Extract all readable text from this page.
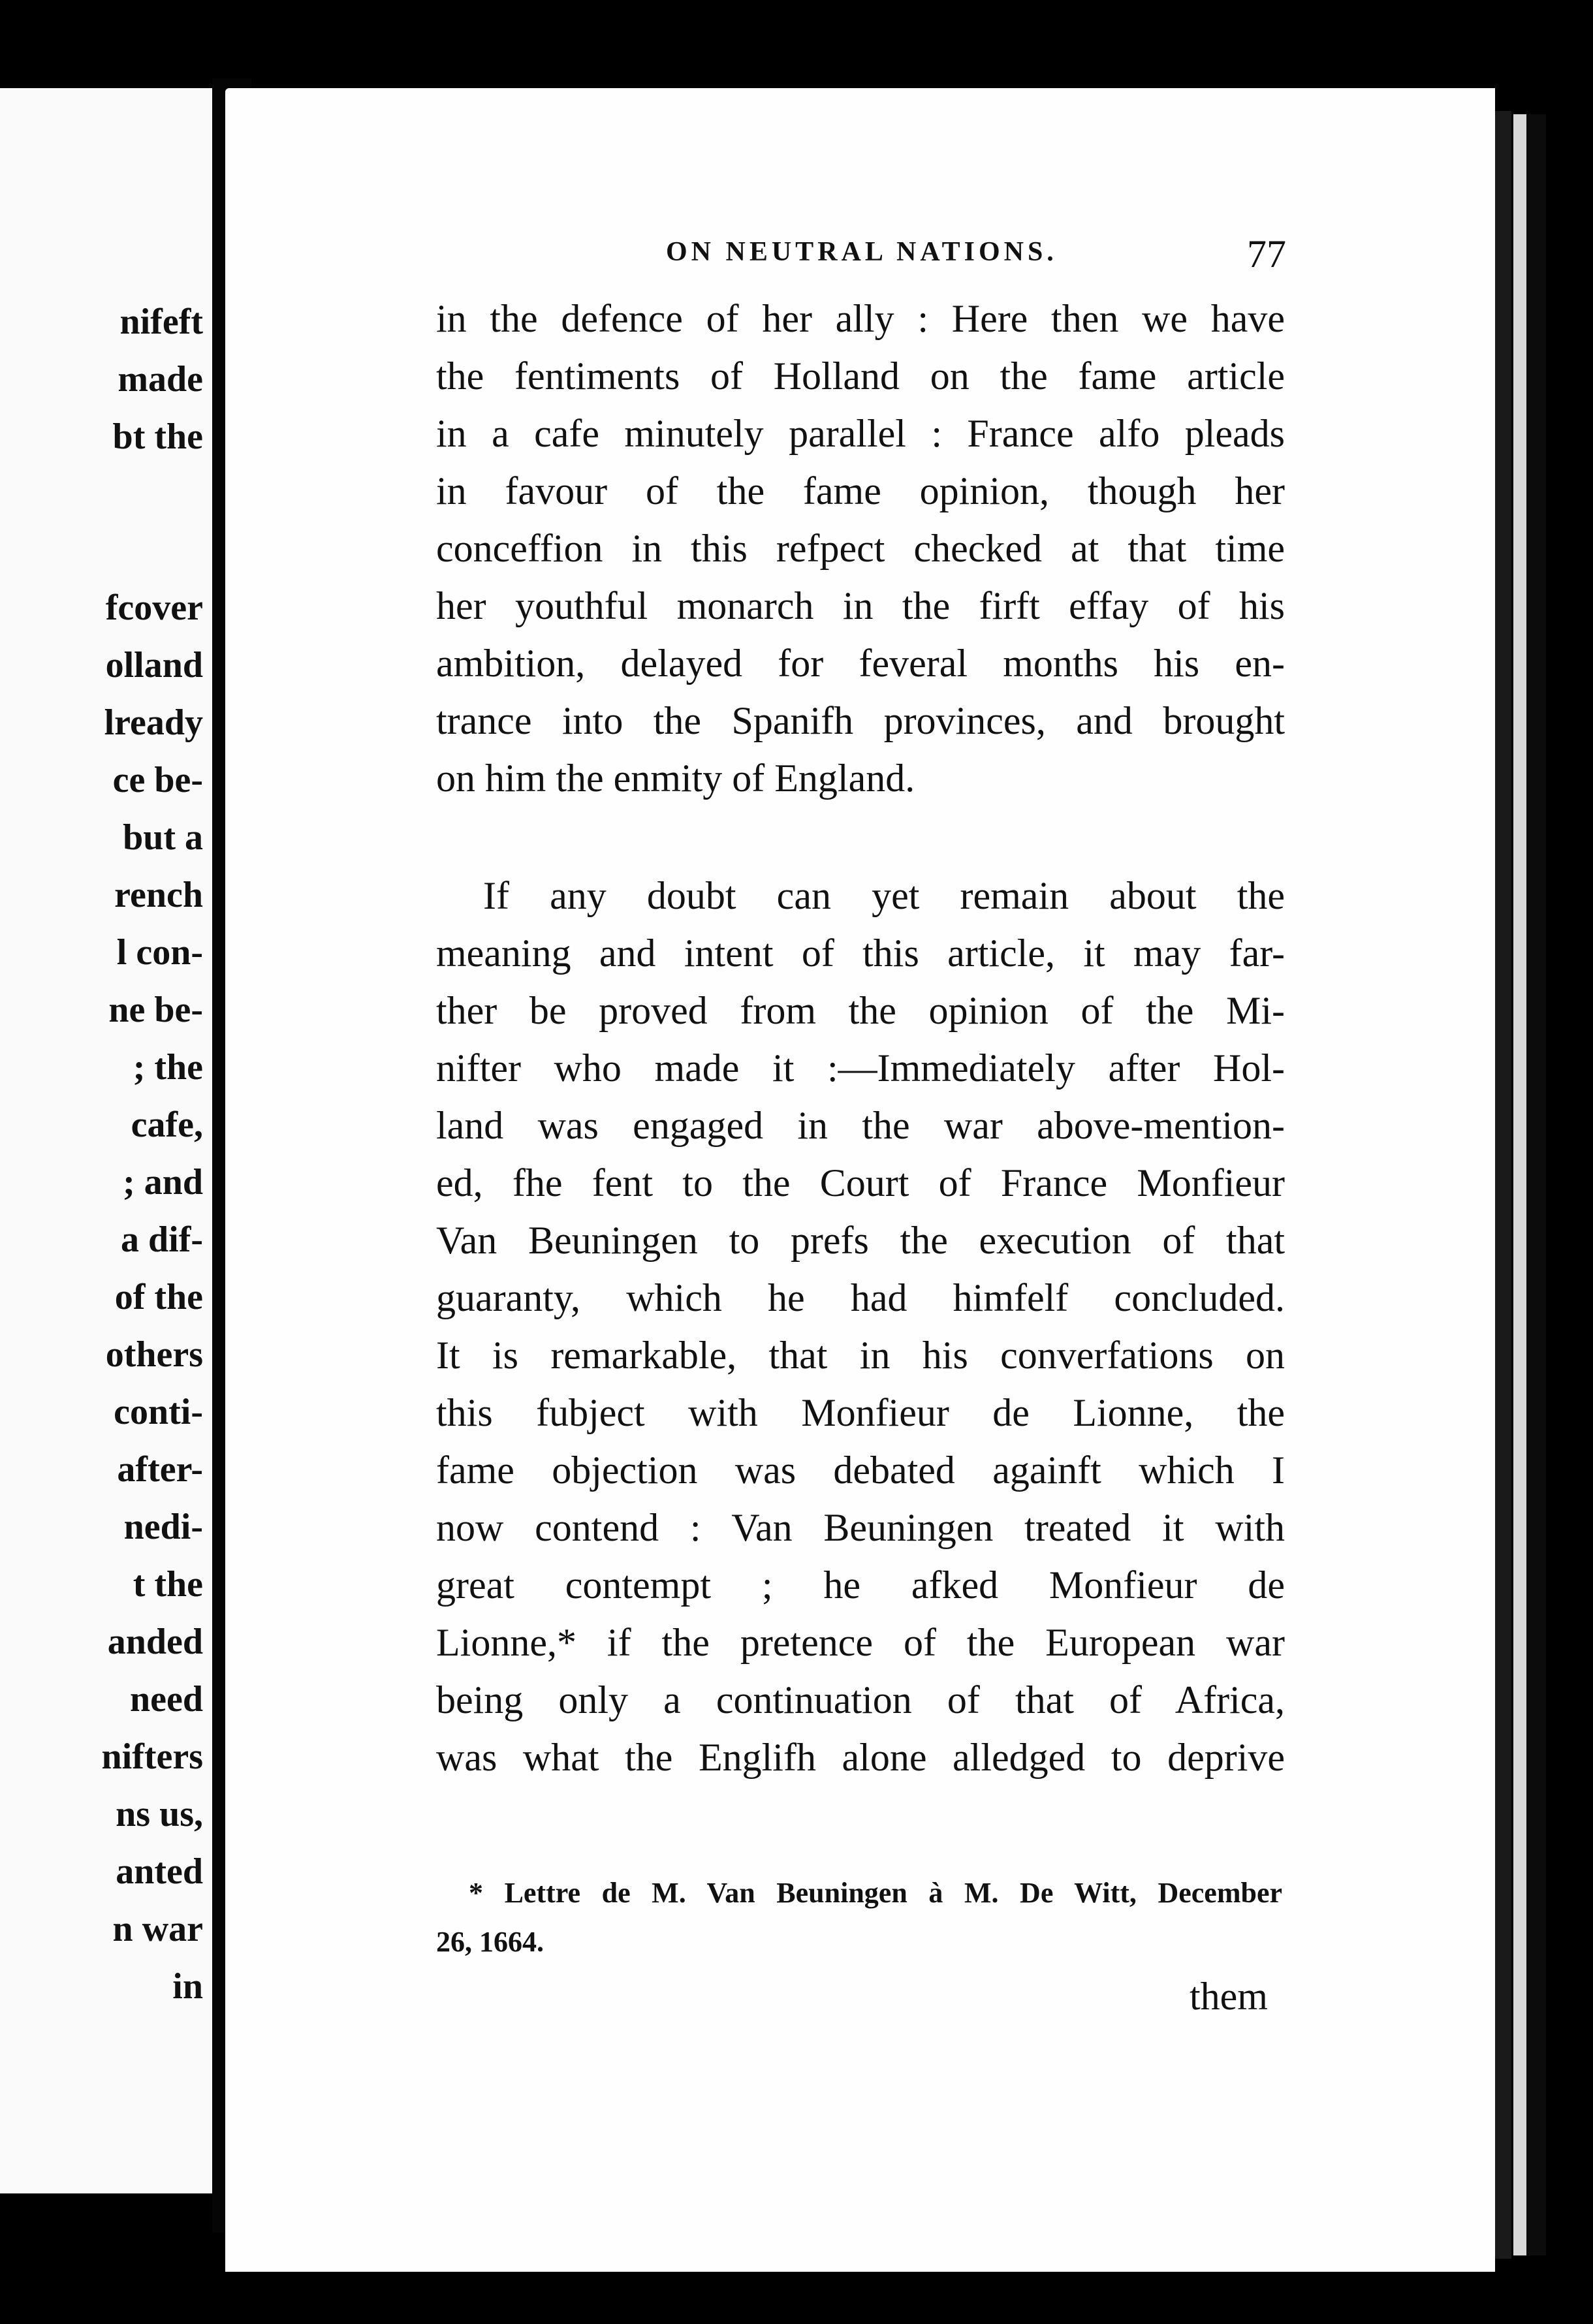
nifeft
made
bt the
fcover
olland
lready
ce be-
but a
rench
l con-
ne be-
; the
cafe,
; and
a dif-
of the
others
conti-
after-
nedi-
t the
anded
need
nifters
ns us,
anted
n war
in
ON NEUTRAL NATIONS.	77
in the defence of her ally : Here then we have
the fentiments of Holland on the fame article
in a cafe minutely parallel : France alfo pleads
in favour of the fame opinion, though her
conceffion in this refpect checked at that time
her youthful monarch in the firft effay of his
ambition, delayed for feveral months his en-
trance into the Spanifh provinces, and brought
on him the enmity of England.
If any doubt can yet remain about the
meaning and intent of this article, it may far-
ther be proved from the opinion of the Mi-
nifter who made it :—Immediately after Hol-
land was engaged in the war above-mention-
ed, fhe fent to the Court of France Monfieur
Van Beuningen to prefs the execution of that
guaranty, which he had himfelf concluded.
It is remarkable, that in his converfations on
this fubject with Monfieur de Lionne, the
fame objection was debated againft which I
now contend : Van Beuningen treated it with
great contempt ; he afked Monfieur de
Lionne,* if the pretence of the European war
being only a continuation of that of Africa,
was what the Englifh alone alledged to deprive

* Lettre de M. Van Beuningen à M. De Witt, December
26, 1664.

them
